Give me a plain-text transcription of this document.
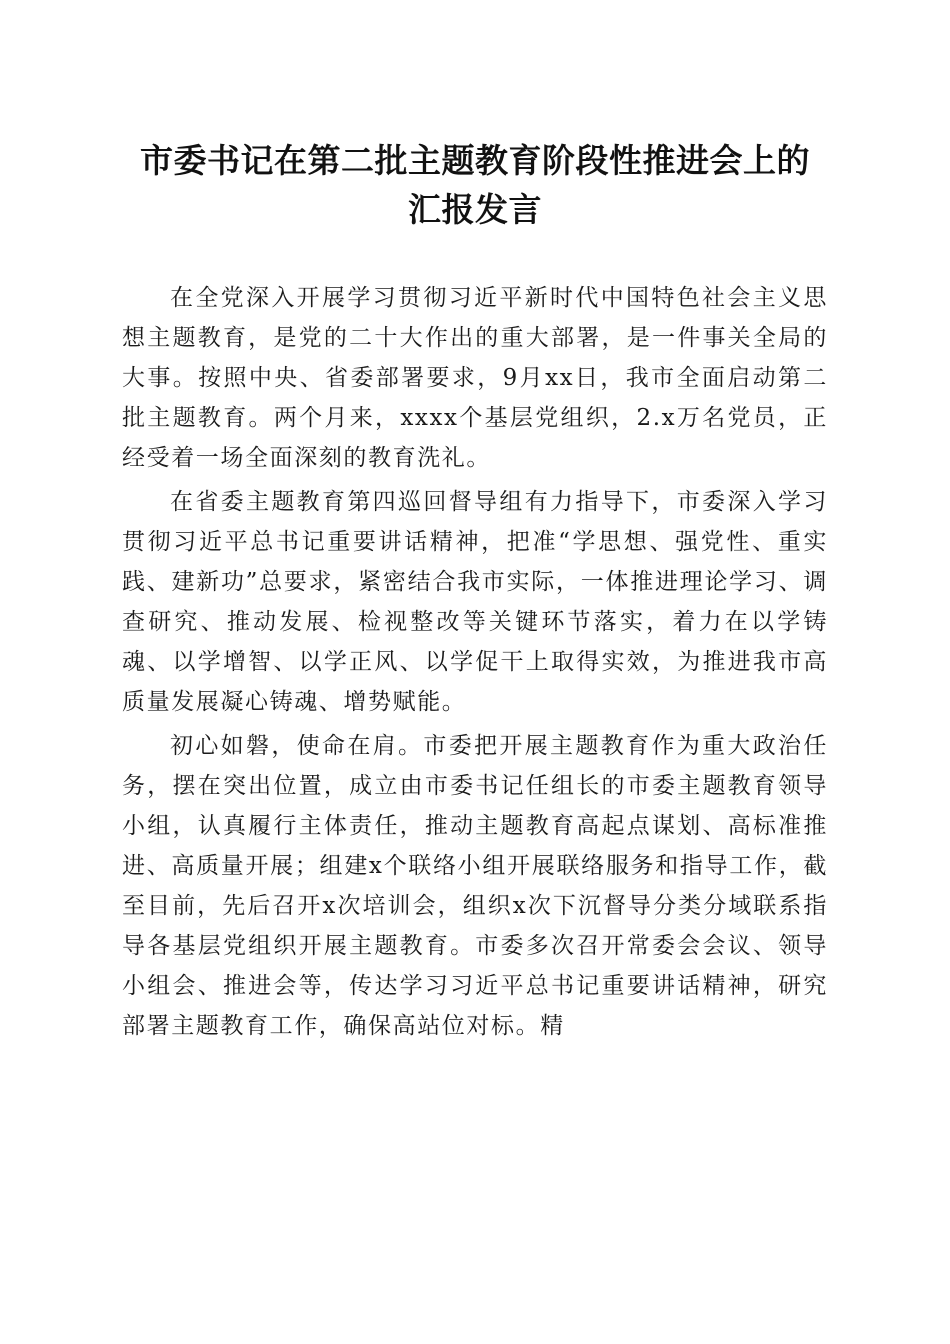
市委书记在第二批主题教育阶段性推进会上的
汇报发言

在全党深入开展学习贯彻习近平新时代中国特色社会主义思想主题教育，是党的二十大作出的重大部署，是一件事关全局的大事。按照中央、省委部署要求，9月xx日，我市全面启动第二批主题教育。两个月来，xxxx个基层党组织，2.x万名党员，正经受着一场全面深刻的教育洗礼。

在省委主题教育第四巡回督导组有力指导下，市委深入学习贯彻习近平总书记重要讲话精神，把准“学思想、强党性、重实践、建新功”总要求，紧密结合我市实际，一体推进理论学习、调查研究、推动发展、检视整改等关键环节落实，着力在以学铸魂、以学增智、以学正风、以学促干上取得实效，为推进我市高质量发展凝心铸魂、增势赋能。

初心如磐，使命在肩。市委把开展主题教育作为重大政治任务，摆在突出位置，成立由市委书记任组长的市委主题教育领导小组，认真履行主体责任，推动主题教育高起点谋划、高标准推进、高质量开展；组建x个联络小组开展联络服务和指导工作，截至目前，先后召开x次培训会，组织x次下沉督导分类分域联系指导各基层党组织开展主题教育。市委多次召开常委会会议、领导小组会、推进会等，传达学习习近平总书记重要讲话精神，研究部署主题教育工作，确保高站位对标。精
